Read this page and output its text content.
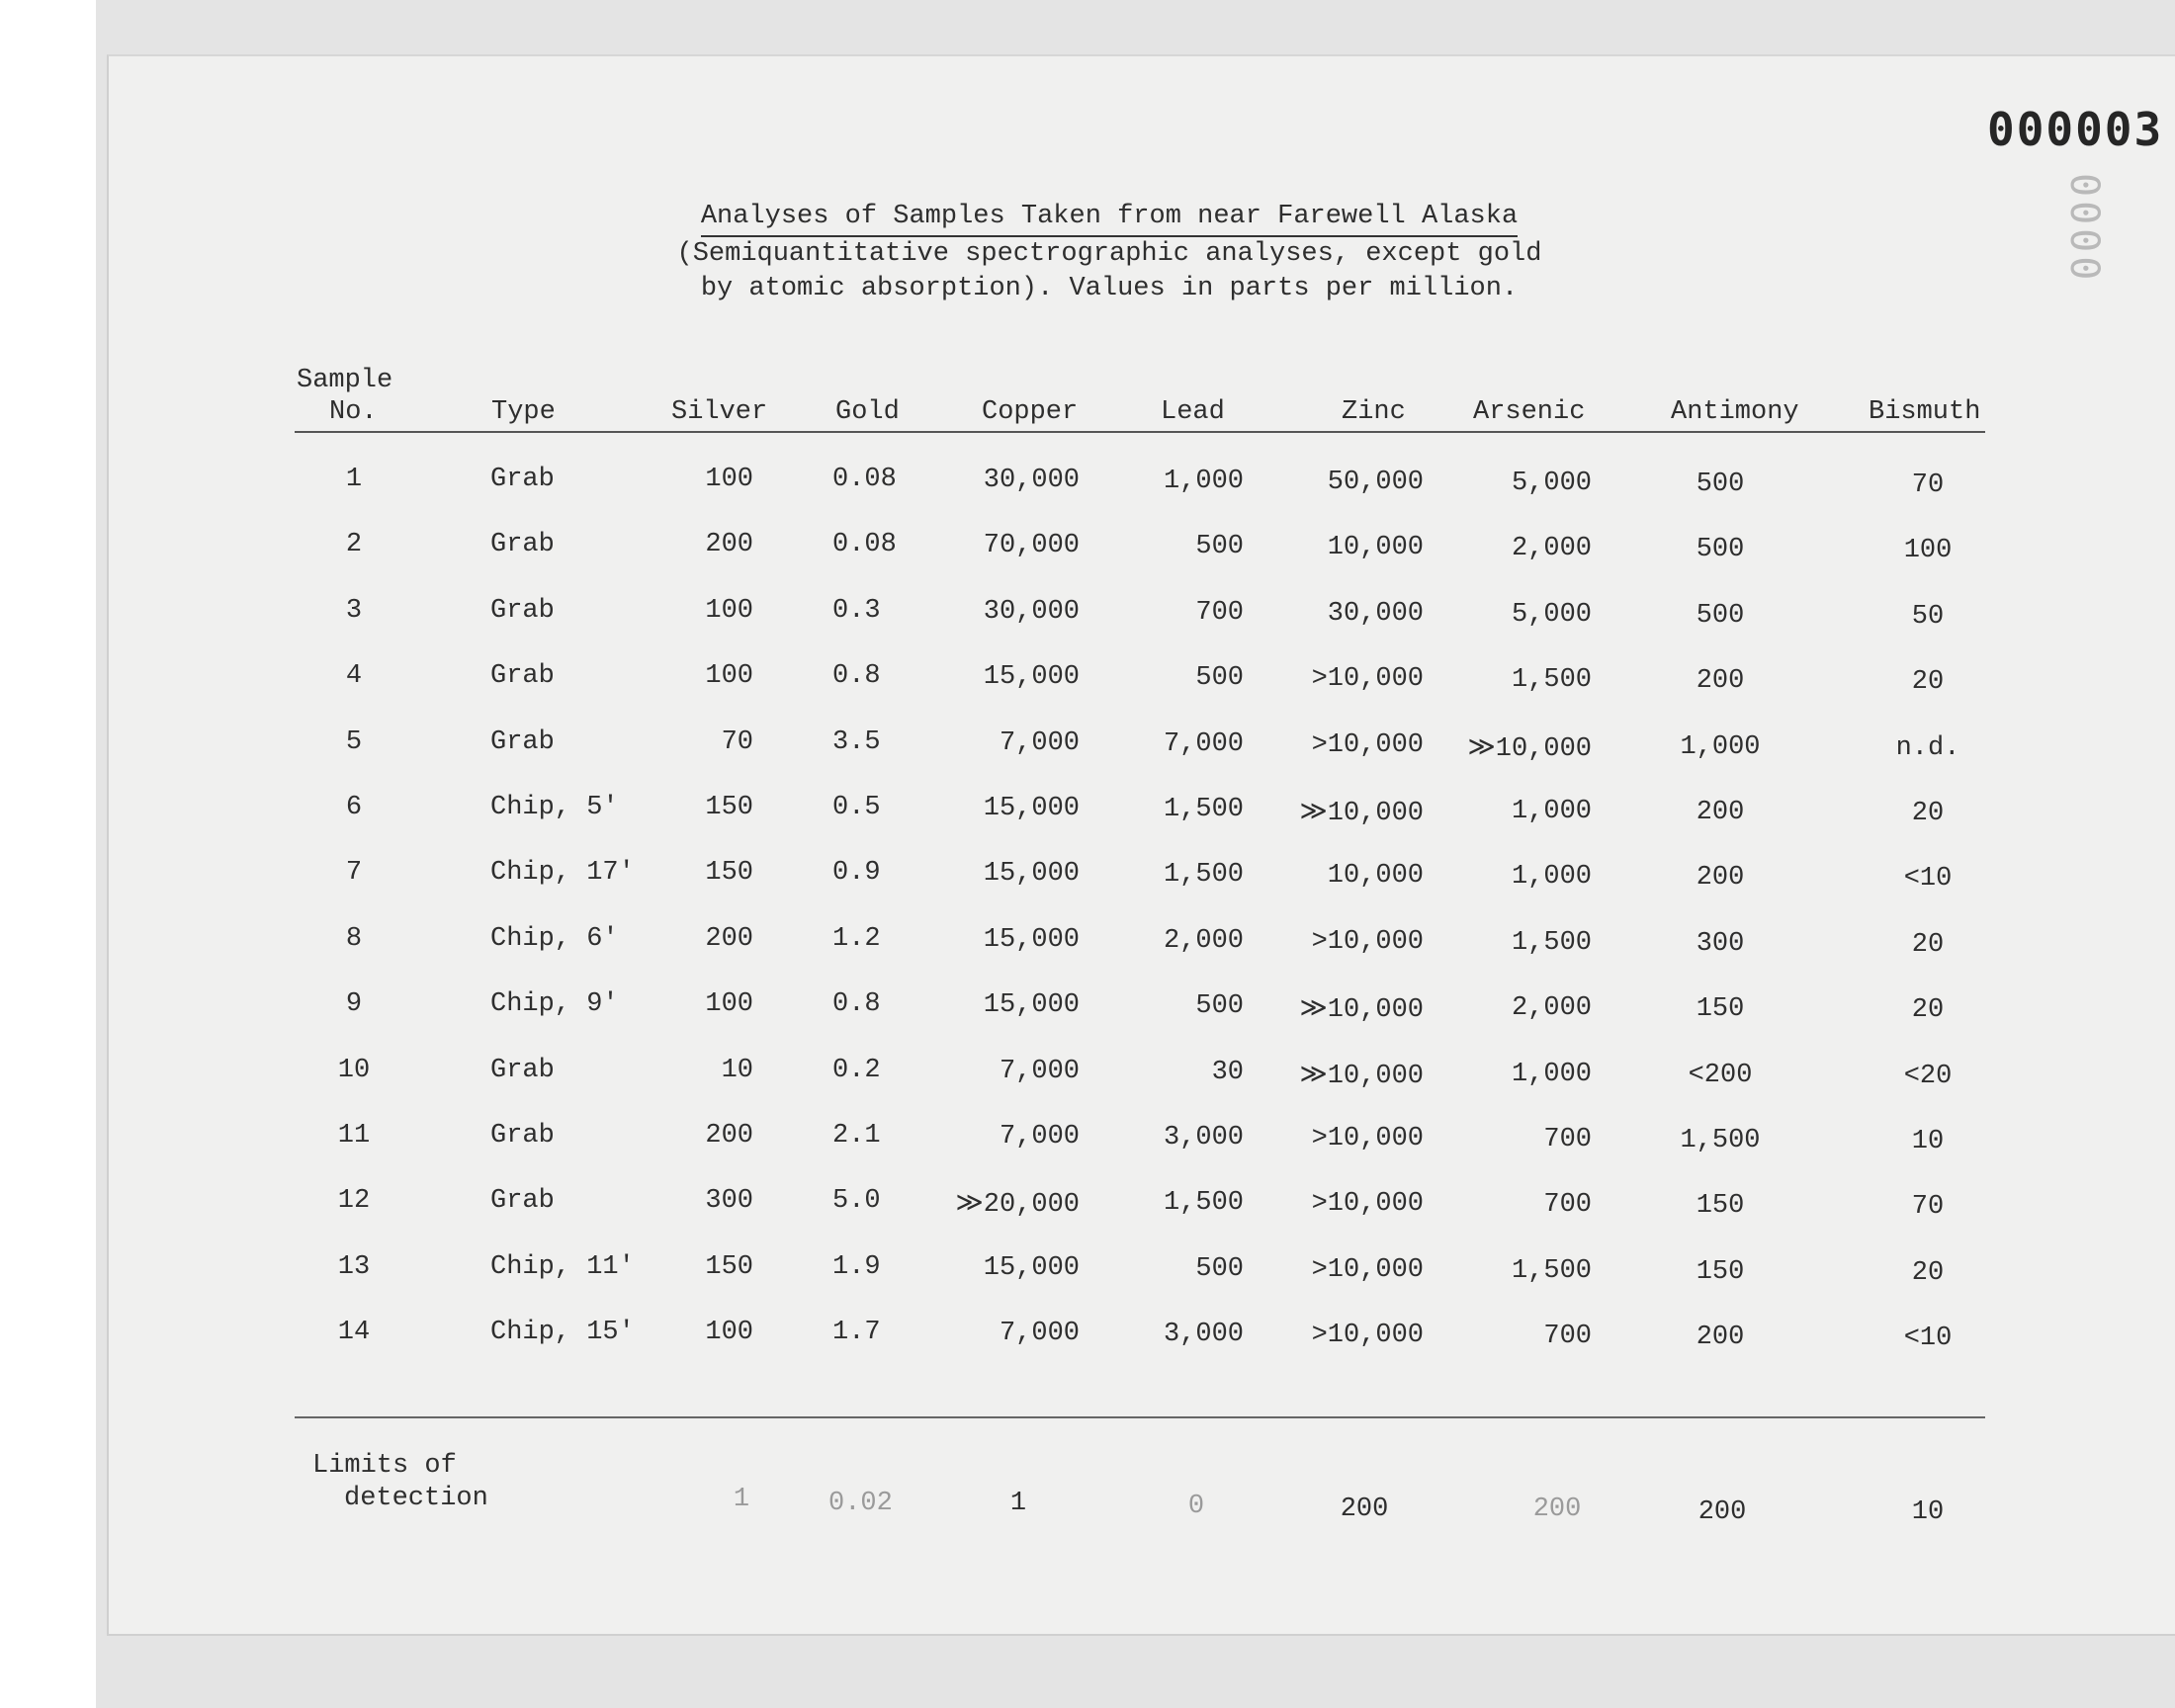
000003
0000
Analyses of Samples Taken from near Farewell Alaska
(Semiquantitative spectrographic analyses, except gold
by atomic absorption). Values in parts per million.
Sample
No.	Type	Silver	Gold	Copper	Lead	Zinc	Arsenic	Antimony	Bismuth
1	Grab	100	0.08	30,000	1,000	50,000	5,000	500	70
2	Grab	200	0.08	70,000	500	10,000	2,000	500	100
3	Grab	100	0.3	30,000	700	30,000	5,000	500	50
4	Grab	100	0.8	15,000	500	>10,000	1,500	200	20
5	Grab	70	3.5	7,000	7,000	>10,000	≫10,000	1,000	n.d.
6	Chip, 5'	150	0.5	15,000	1,500	≫10,000	1,000	200	20
7	Chip, 17'	150	0.9	15,000	1,500	10,000	1,000	200	<10
8	Chip, 6'	200	1.2	15,000	2,000	>10,000	1,500	300	20
9	Chip, 9'	100	0.8	15,000	500	≫10,000	2,000	150	20
10	Grab	10	0.2	7,000	30	≫10,000	1,000	<200	<20
11	Grab	200	2.1	7,000	3,000	>10,000	700	1,500	10
12	Grab	300	5.0	≫20,000	1,500	>10,000	700	150	70
13	Chip, 11'	150	1.9	15,000	500	>10,000	1,500	150	20
14	Chip, 15'	100	1.7	7,000	3,000	>10,000	700	200	<10
Limits of
detection	1	0.02	1	0	200	200	200	10
